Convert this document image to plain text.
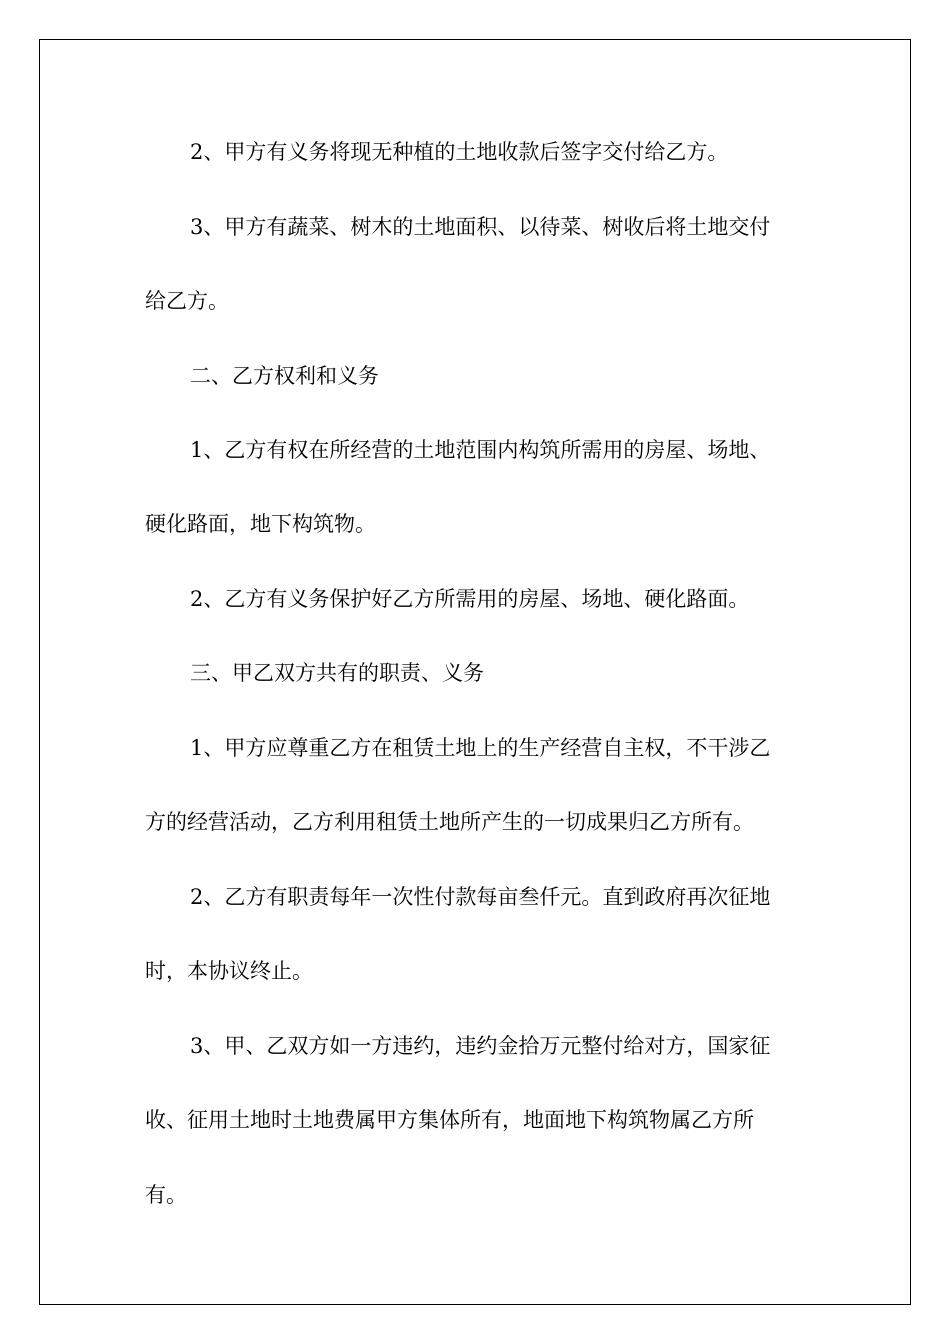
2、甲方有义务将现无种植的土地收款后签字交付给乙方。
3、甲方有蔬菜、树木的土地面积、以待菜、树收后将土地交付
给乙方。
二、乙方权利和义务
1、乙方有权在所经营的土地范围内构筑所需用的房屋、场地、
硬化路面，地下构筑物。
2、乙方有义务保护好乙方所需用的房屋、场地、硬化路面。
三、甲乙双方共有的职责、义务
1、甲方应尊重乙方在租赁土地上的生产经营自主权，不干涉乙
方的经营活动，乙方利用租赁土地所产生的一切成果归乙方所有。
2、乙方有职责每年一次性付款每亩叁仟元。直到政府再次征地
时，本协议终止。
3、甲、乙双方如一方违约，违约金拾万元整付给对方，国家征
收、征用土地时土地费属甲方集体所有，地面地下构筑物属乙方所
有。
